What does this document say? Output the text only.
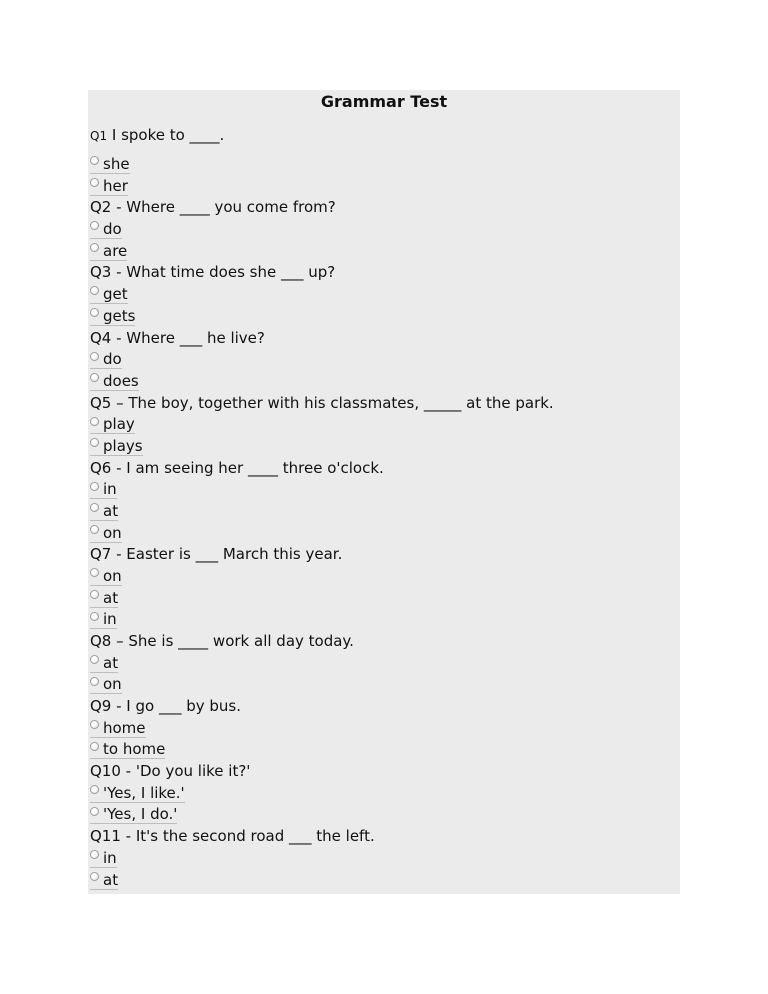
Grammar Test
Q1 I spoke to ____.
she
her
Q2 - Where ____ you come from?
do
are
Q3 - What time does she ___ up?
get
gets
Q4 - Where ___ he live?
do
does
Q5 – The boy, together with his classmates, _____ at the park.
play
plays
Q6 - I am seeing her ____ three o'clock.
in
at
on
Q7 - Easter is ___ March this year.
on
at
in
Q8 – She is ____ work all day today.
at
on
Q9 - I go ___ by bus.
home
to home
Q10 - 'Do you like it?'
'Yes, I like.'
'Yes, I do.'
Q11 - It's the second road ___ the left.
in
at
